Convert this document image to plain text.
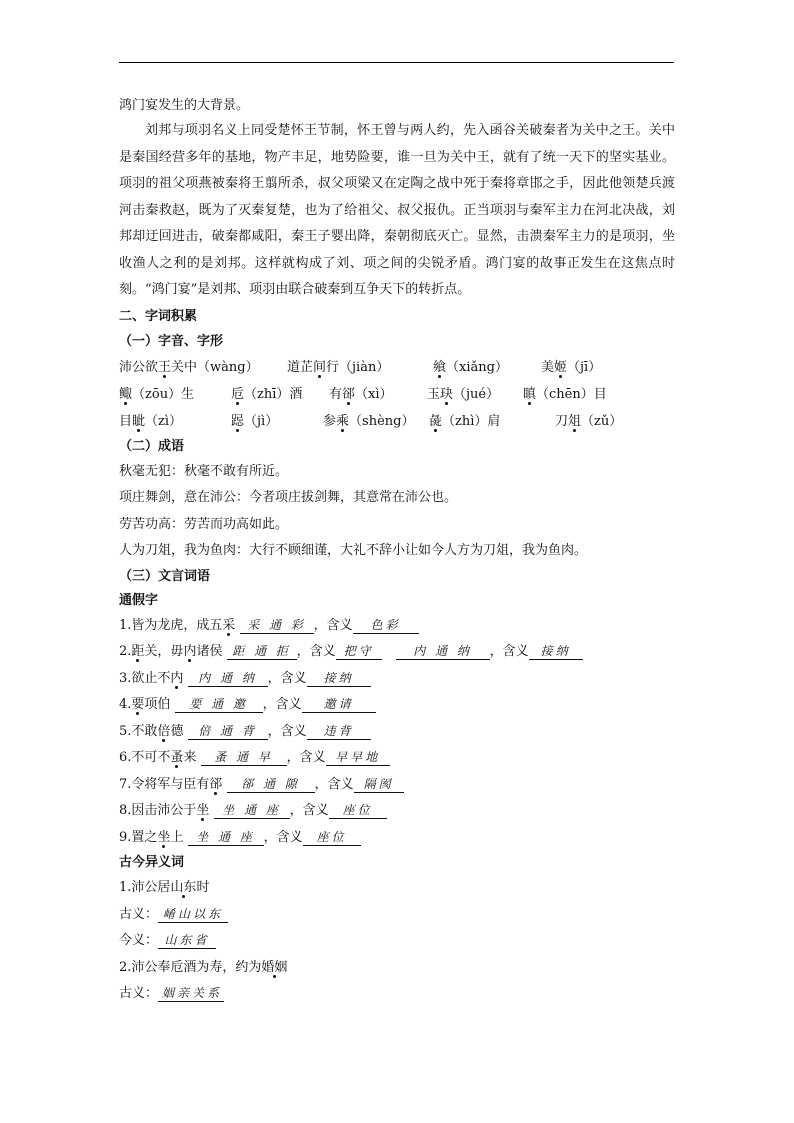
鸿门宴发生的大背景。

刘邦与项羽名义上同受楚怀王节制，怀王曾与两人约，先入函谷关破秦者为关中之王。关中是秦国经营多年的基地，物产丰足，地势险要，谁一旦为关中王，就有了统一天下的坚实基业。项羽的祖父项燕被秦将王翦所杀，叔父项梁又在定陶之战中死于秦将章邯之手，因此他领楚兵渡河击秦救赵，既为了灭秦复楚，也为了给祖父、叔父报仇。正当项羽与秦军主力在河北决战，刘邦却迂回进击，破秦都咸阳，秦王子婴出降，秦朝彻底灭亡。显然，击溃秦军主力的是项羽，坐收渔人之利的是刘邦。这样就构成了刘、项之间的尖锐矛盾。鸿门宴的故事正发生在这焦点时刻。“鸿门宴”是刘邦、项羽由联合破秦到互争天下的转折点。

二、字词积累

（一）字音、字形

沛公欲王关中（wàng） 道芷间行（jiàn）	飨（xiǎng）	美姬（jī）
鲰（zōu）生	卮（zhī）酒 有郤（xì）	玉玦（jué） 瞋（chēn）目
目眦（zì）	跽（jì）	参乘（shèng） 彘（zhì）肩	刀俎（zǔ）

（二）成语

秋毫无犯：秋毫不敢有所近。

项庄舞剑，意在沛公：今者项庄拔剑舞，其意常在沛公也。

劳苦功高：劳苦而功高如此。

人为刀俎，我为鱼肉：大行不顾细谨，大礼不辞小让如今人方为刀俎，我为鱼肉。

（三）文言词语

通假字

1.皆为龙虎，成五采 采 通 彩 ，含义 色彩

2.距关，毋内诸侯 距 通 拒 ，含义 把守	内 通 纳 ，含义 接纳

3.欲止不内 内 通 纳 ，含义 接纳

4.要项伯 要 通 邀 ，含义 邀请

5.不敢倍德 倍 通 背 ，含义 违背

6.不可不蚤来 蚤 通 早 ，含义 早早地

7.令将军与臣有郤 郤 通 隙 ，含义 隔阂

8.因击沛公于坐 坐 通 座 ，含义 座位

9.置之坐上 坐 通 座 ，含义 座位

古今异义词

1.沛公居山东时

古义： 崤山以东

今义： 山东省

2.沛公奉卮酒为寿，约为婚姻

古义： 姻亲关系
